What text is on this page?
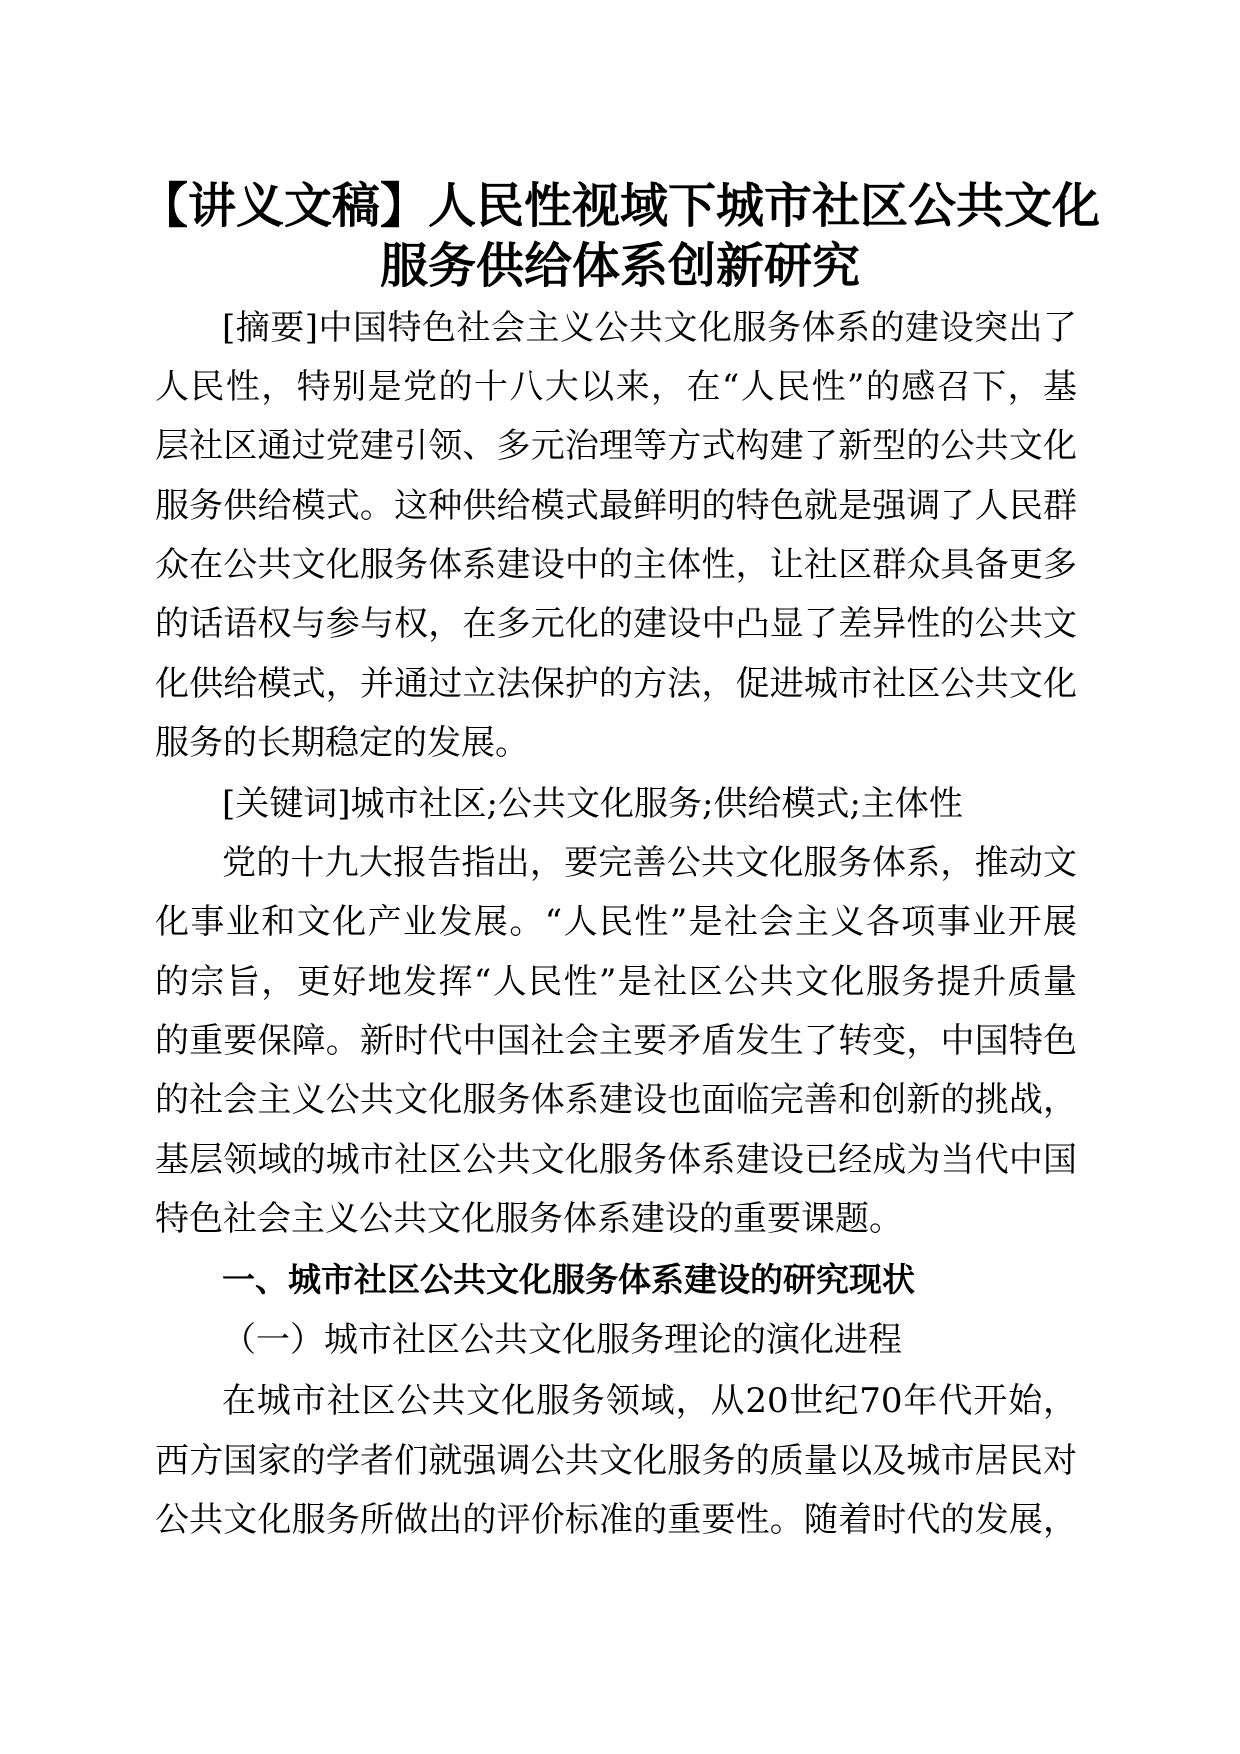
【讲义文稿】人民性视域下城市社区公共文化
服务供给体系创新研究

[摘要]中国特色社会主义公共文化服务体系的建设突出了

人民性，特别是党的十八大以来，在“人民性”的感召下，基

层社区通过党建引领、多元治理等方式构建了新型的公共文化

服务供给模式。这种供给模式最鲜明的特色就是强调了人民群

众在公共文化服务体系建设中的主体性，让社区群众具备更多

的话语权与参与权，在多元化的建设中凸显了差异性的公共文

化供给模式，并通过立法保护的方法，促进城市社区公共文化

服务的长期稳定的发展。

[关键词]城市社区;公共文化服务;供给模式;主体性

党的十九大报告指出，要完善公共文化服务体系，推动文

化事业和文化产业发展。“人民性”是社会主义各项事业开展

的宗旨，更好地发挥“人民性”是社区公共文化服务提升质量

的重要保障。新时代中国社会主要矛盾发生了转变，中国特色

的社会主义公共文化服务体系建设也面临完善和创新的挑战，

基层领域的城市社区公共文化服务体系建设已经成为当代中国

特色社会主义公共文化服务体系建设的重要课题。

一、城市社区公共文化服务体系建设的研究现状
（一）城市社区公共文化服务理论的演化进程

在城市社区公共文化服务领域，从20世纪70年代开始，

西方国家的学者们就强调公共文化服务的质量以及城市居民对

公共文化服务所做出的评价标准的重要性。随着时代的发展，
